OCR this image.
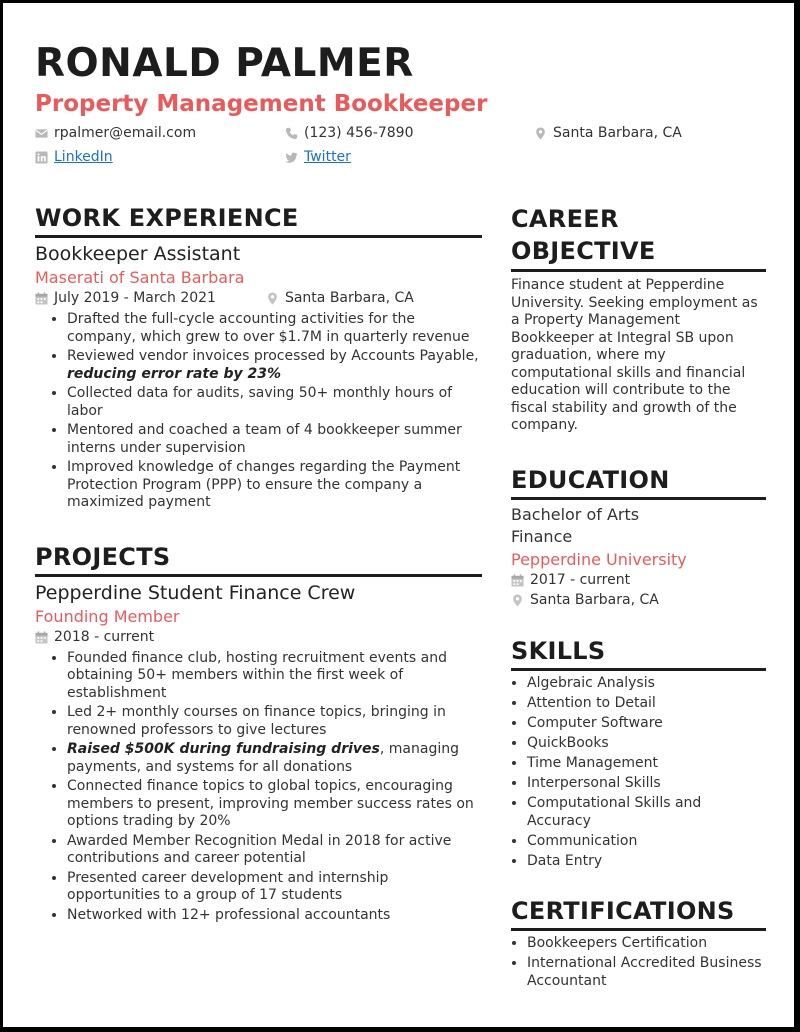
RONALD PALMER
Property Management Bookkeeper
rpalmer@email.com	(123) 456-7890	Santa Barbara, CA
LinkedIn	Twitter
WORK EXPERIENCE
Bookkeeper Assistant
Maserati of Santa Barbara
July 2019 - March 2021	Santa Barbara, CA
• Drafted the full-cycle accounting activities for the company, which grew to over $1.7M in quarterly revenue
• Reviewed vendor invoices processed by Accounts Payable, reducing error rate by 23%
• Collected data for audits, saving 50+ monthly hours of labor
• Mentored and coached a team of 4 bookkeeper summer interns under supervision
• Improved knowledge of changes regarding the Payment Protection Program (PPP) to ensure the company a maximized payment
PROJECTS
Pepperdine Student Finance Crew
Founding Member
2018 - current
• Founded finance club, hosting recruitment events and obtaining 50+ members within the first week of establishment
• Led 2+ monthly courses on finance topics, bringing in renowned professors to give lectures
• Raised $500K during fundraising drives, managing payments, and systems for all donations
• Connected finance topics to global topics, encouraging members to present, improving member success rates on options trading by 20%
• Awarded Member Recognition Medal in 2018 for active contributions and career potential
• Presented career development and internship opportunities to a group of 17 students
• Networked with 12+ professional accountants
CAREER
OBJECTIVE

Finance student at Pepperdine University. Seeking employment as a Property Management Bookkeeper at Integral SB upon graduation, where my computational skills and financial education will contribute to the fiscal stability and growth of the company.

EDUCATION

Bachelor of Arts

Finance

Pepperdine University
2017 - current
Santa Barbara, CA
SKILLS
• Algebraic Analysis
• Attention to Detail
• Computer Software
• QuickBooks
• Time Management
• Interpersonal Skills
• Computational Skills and Accuracy
• Communication
• Data Entry
CERTIFICATIONS
• Bookkeepers Certification
• International Accredited Business Accountant
